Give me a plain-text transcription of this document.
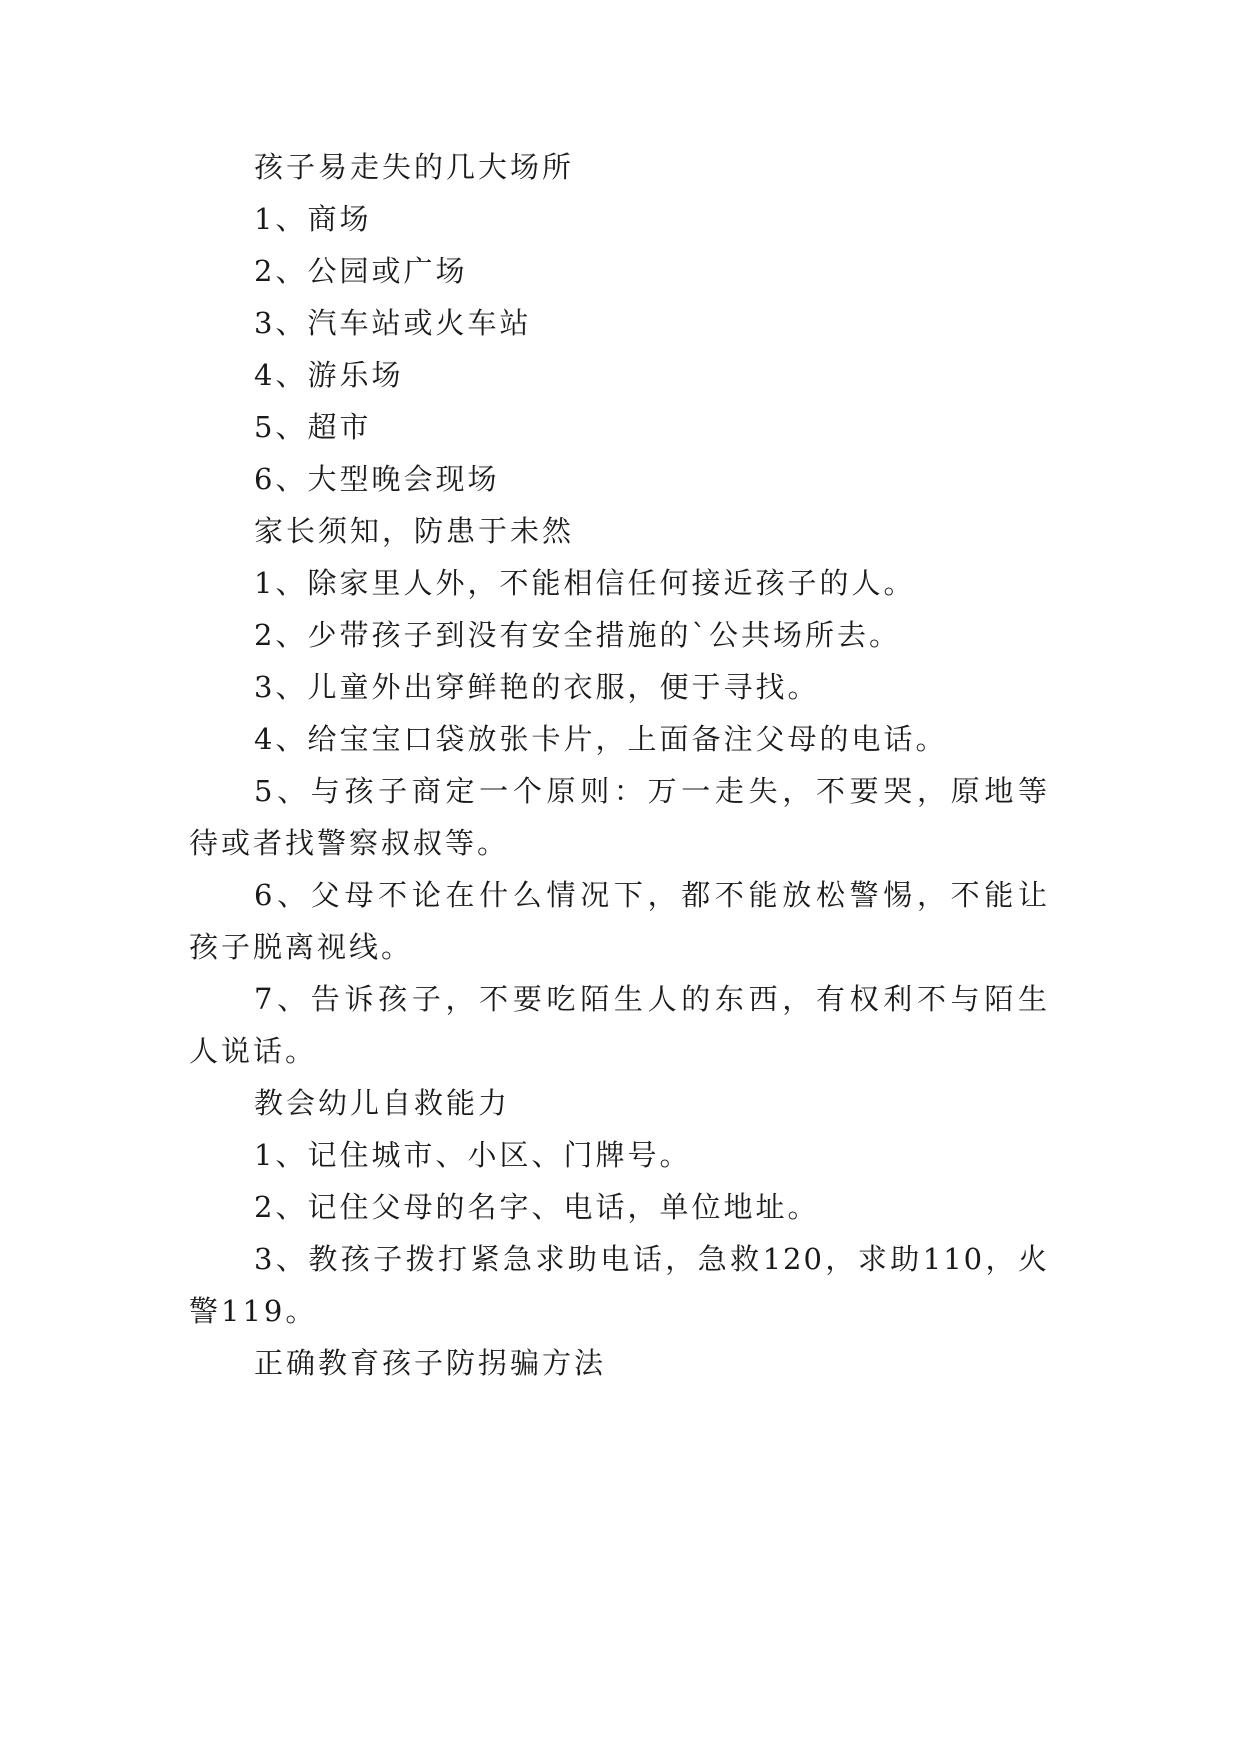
孩子易走失的几大场所
1、商场
2、公园或广场
3、汽车站或火车站
4、游乐场
5、超市
6、大型晚会现场
家长须知，防患于未然
1、除家里人外，不能相信任何接近孩子的人。
2、少带孩子到没有安全措施的`公共场所去。
3、儿童外出穿鲜艳的衣服，便于寻找。
4、给宝宝口袋放张卡片，上面备注父母的电话。
5、与孩子商定一个原则：万一走失，不要哭，原地等
待或者找警察叔叔等。
6、父母不论在什么情况下，都不能放松警惕，不能让
孩子脱离视线。
7、告诉孩子，不要吃陌生人的东西，有权利不与陌生
人说话。
教会幼儿自救能力
1、记住城市、小区、门牌号。
2、记住父母的名字、电话，单位地址。
3、教孩子拨打紧急求助电话，急救120，求助110，火
警119。
正确教育孩子防拐骗方法
